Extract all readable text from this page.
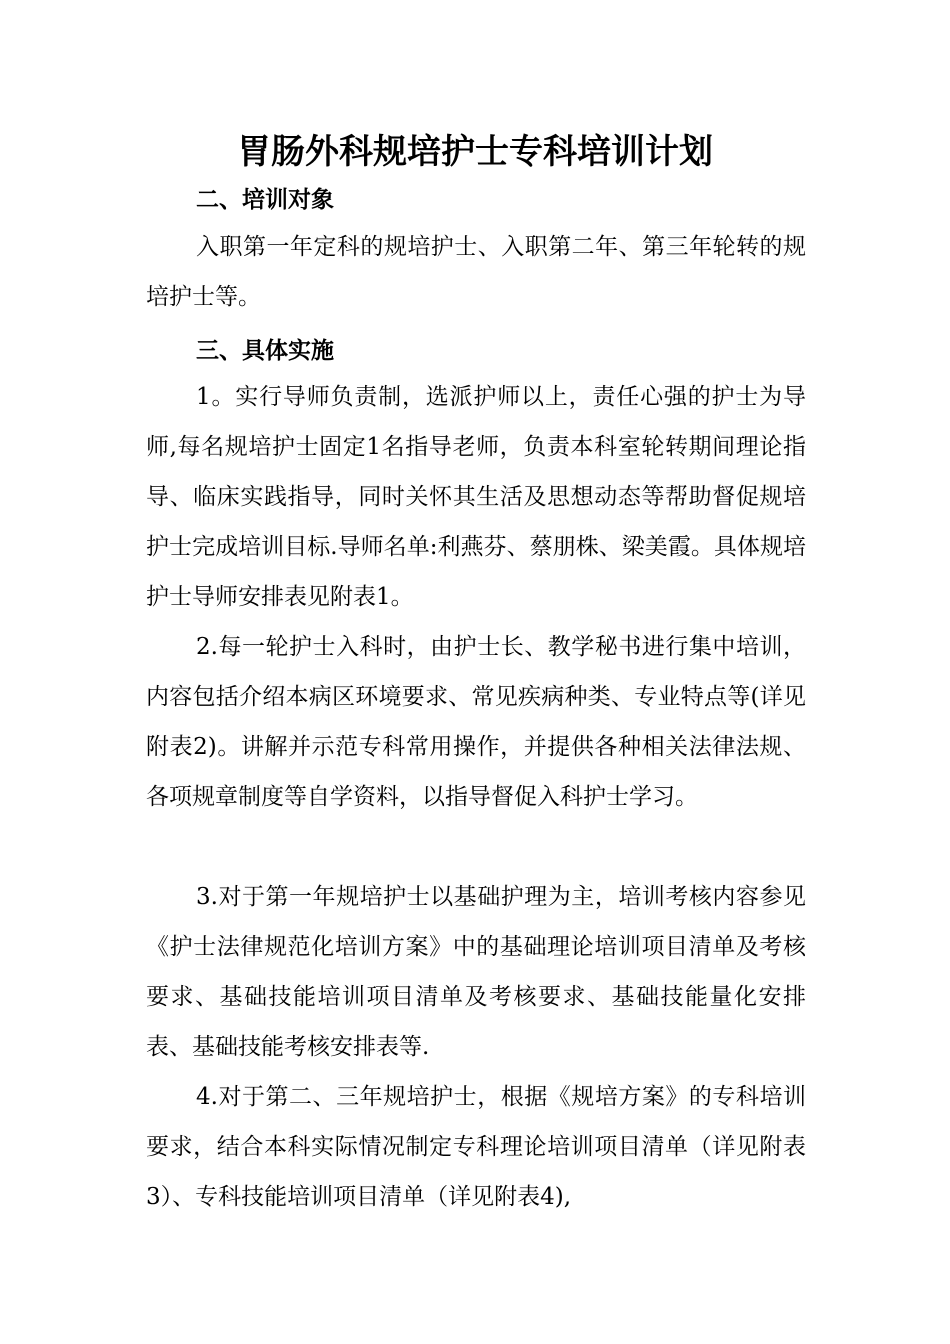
胃肠外科规培护士专科培训计划
二、培训对象

入职第一年定科的规培护士、入职第二年、第三年轮转的规培护士等。

三、具体实施

1。实行导师负责制，选派护师以上，责任心强的护士为导师,每名规培护士固定1名指导老师，负责本科室轮转期间理论指导、临床实践指导，同时关怀其生活及思想动态等帮助督促规培护士完成培训目标.导师名单:利燕芬、蔡朋株、梁美霞。具体规培护士导师安排表见附表1。

2.每一轮护士入科时，由护士长、教学秘书进行集中培训，内容包括介绍本病区环境要求、常见疾病种类、专业特点等(详见附表2)。讲解并示范专科常用操作，并提供各种相关法律法规、各项规章制度等自学资料，以指导督促入科护士学习。

3.对于第一年规培护士以基础护理为主，培训考核内容参见《护士法律规范化培训方案》中的基础理论培训项目清单及考核要求、基础技能培训项目清单及考核要求、基础技能量化安排表、基础技能考核安排表等.

4.对于第二、三年规培护士，根据《规培方案》的专科培训要求，结合本科实际情况制定专科理论培训项目清单（详见附表3）、专科技能培训项目清单（详见附表4),
